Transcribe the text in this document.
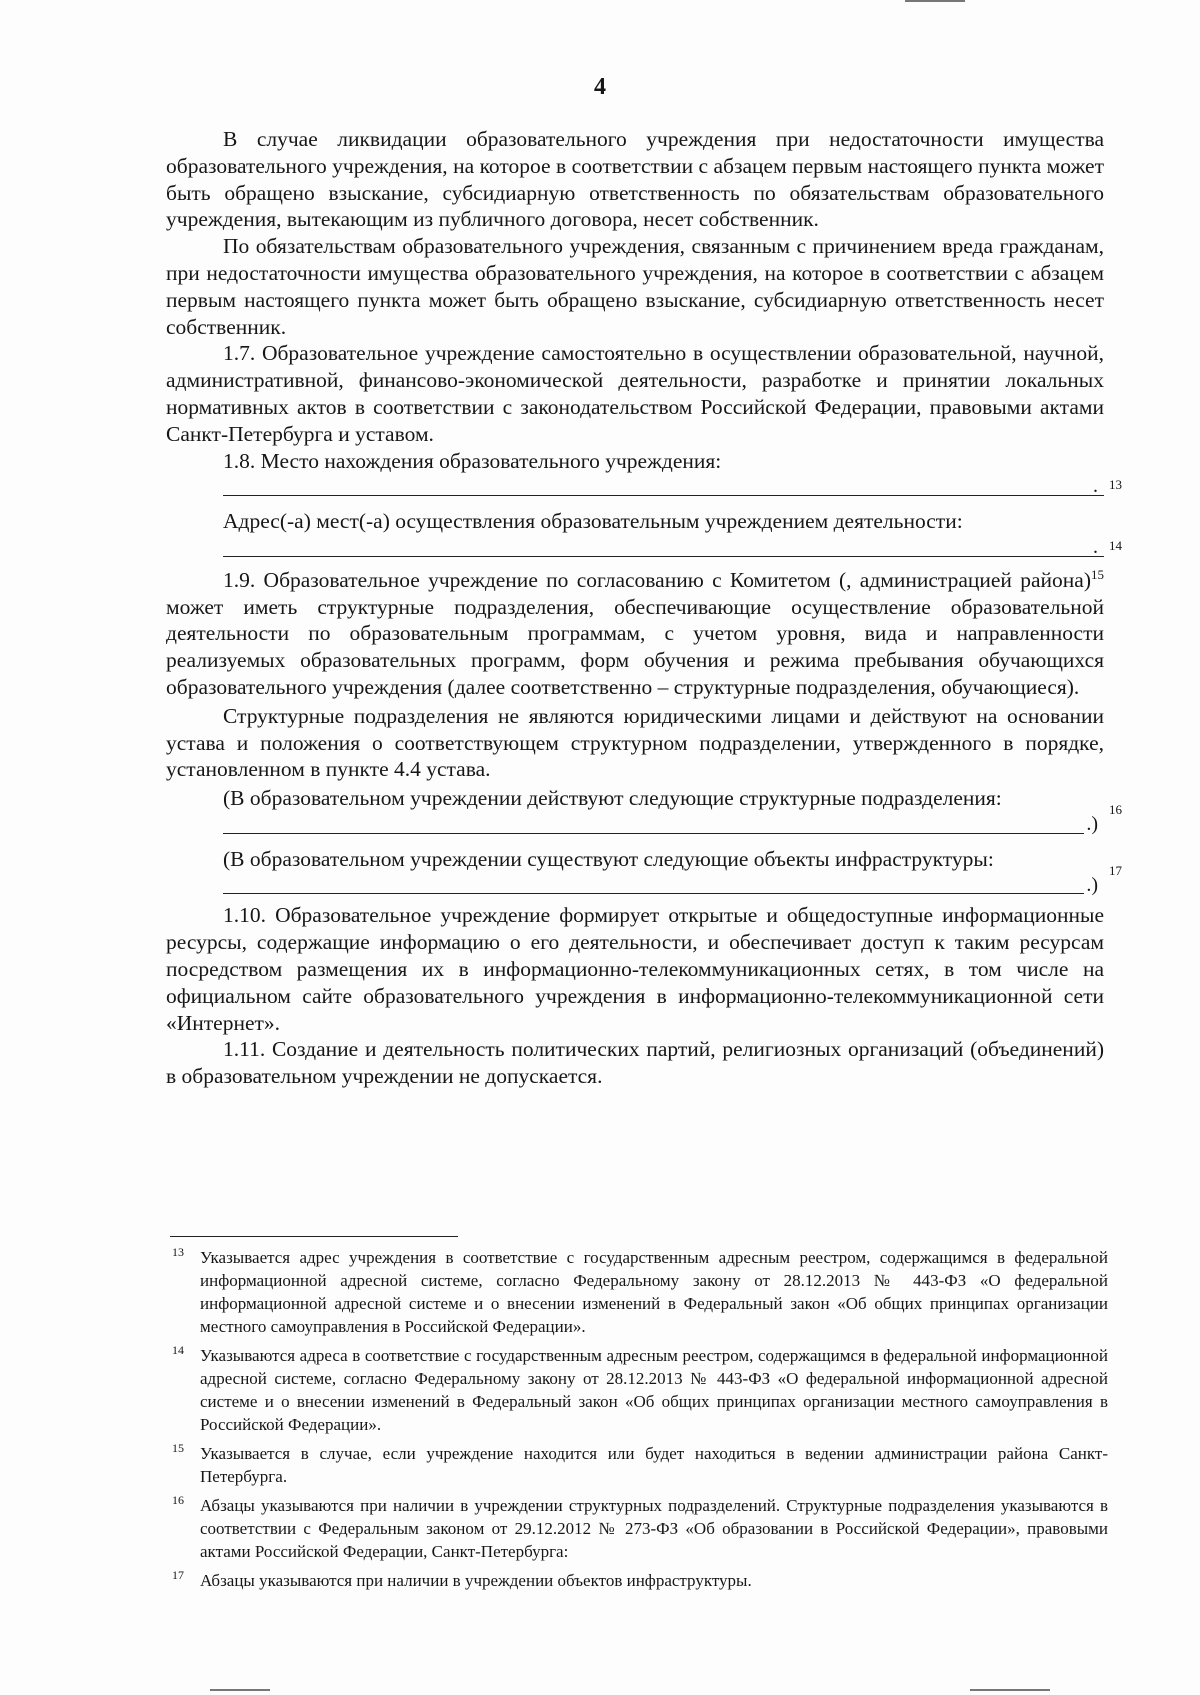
4

В случае ликвидации образовательного учреждения при недостаточности имущества образовательного учреждения, на которое в соответствии с абзацем первым настоящего пункта может быть обращено взыскание, субсидиарную ответственность по обязательствам образовательного учреждения, вытекающим из публичного договора, несет собственник.

По обязательствам образовательного учреждения, связанным с причинением вреда гражданам, при недостаточности имущества образовательного учреждения, на которое в соответствии с абзацем первым настоящего пункта может быть обращено взыскание, субсидиарную ответственность несет собственник.

1.7. Образовательное учреждение самостоятельно в осуществлении образовательной, научной, административной, финансово-экономической деятельности, разработке и принятии локальных нормативных актов в соответствии с законодательством Российской Федерации, правовыми актами Санкт-Петербурга и уставом.

1.8. Место нахождения образовательного учреждения:

. 13

Адрес(-а) мест(-а) осуществления образовательным учреждением деятельности:

. 14

1.9. Образовательное учреждение по согласованию с Комитетом (, администрацией района)$^{15}$ может иметь структурные подразделения, обеспечивающие осуществление образовательной деятельности по образовательным программам, с учетом уровня, вида и направленности реализуемых образовательных программ, форм обучения и режима пребывания обучающихся образовательного учреждения (далее соответственно – структурные подразделения, обучающиеся).

Структурные подразделения не являются юридическими лицами и действуют на основании устава и положения о соответствующем структурном подразделении, утвержденного в порядке, установленном в пункте 4.4 устава.

(В образовательном учреждении действуют следующие структурные подразделения:

.)
16

(В образовательном учреждении существуют следующие объекты инфраструктуры:

.)
17

1.10. Образовательное учреждение формирует открытые и общедоступные информационные ресурсы, содержащие информацию о его деятельности, и обеспечивает доступ к таким ресурсам посредством размещения их в информационно-телекоммуникационных сетях, в том числе на официальном сайте образовательного учреждения в информационно-телекоммуникационной сети «Интернет».

1.11. Создание и деятельность политических партий, религиозных организаций (объединений) в образовательном учреждении не допускается.

13 Указывается адрес учреждения в соответствие с государственным адресным реестром, содержащимся в федеральной информационной адресной системе, согласно Федеральному закону от 28.12.2013 № 443-ФЗ «О федеральной информационной адресной системе и о внесении изменений в Федеральный закон «Об общих принципах организации местного самоуправления в Российской Федерации».
14 Указываются адреса в соответствие с государственным адресным реестром, содержащимся в федеральной информационной адресной системе, согласно Федеральному закону от 28.12.2013 № 443-ФЗ «О федеральной информационной адресной системе и о внесении изменений в Федеральный закон «Об общих принципах организации местного самоуправления в Российской Федерации».
15 Указывается в случае, если учреждение находится или будет находиться в ведении администрации района Санкт-Петербурга.
16 Абзацы указываются при наличии в учреждении структурных подразделений. Структурные подразделения указываются в соответствии с Федеральным законом от 29.12.2012 № 273-ФЗ «Об образовании в Российской Федерации», правовыми актами Российской Федерации, Санкт-Петербурга:
17 Абзацы указываются при наличии в учреждении объектов инфраструктуры.
